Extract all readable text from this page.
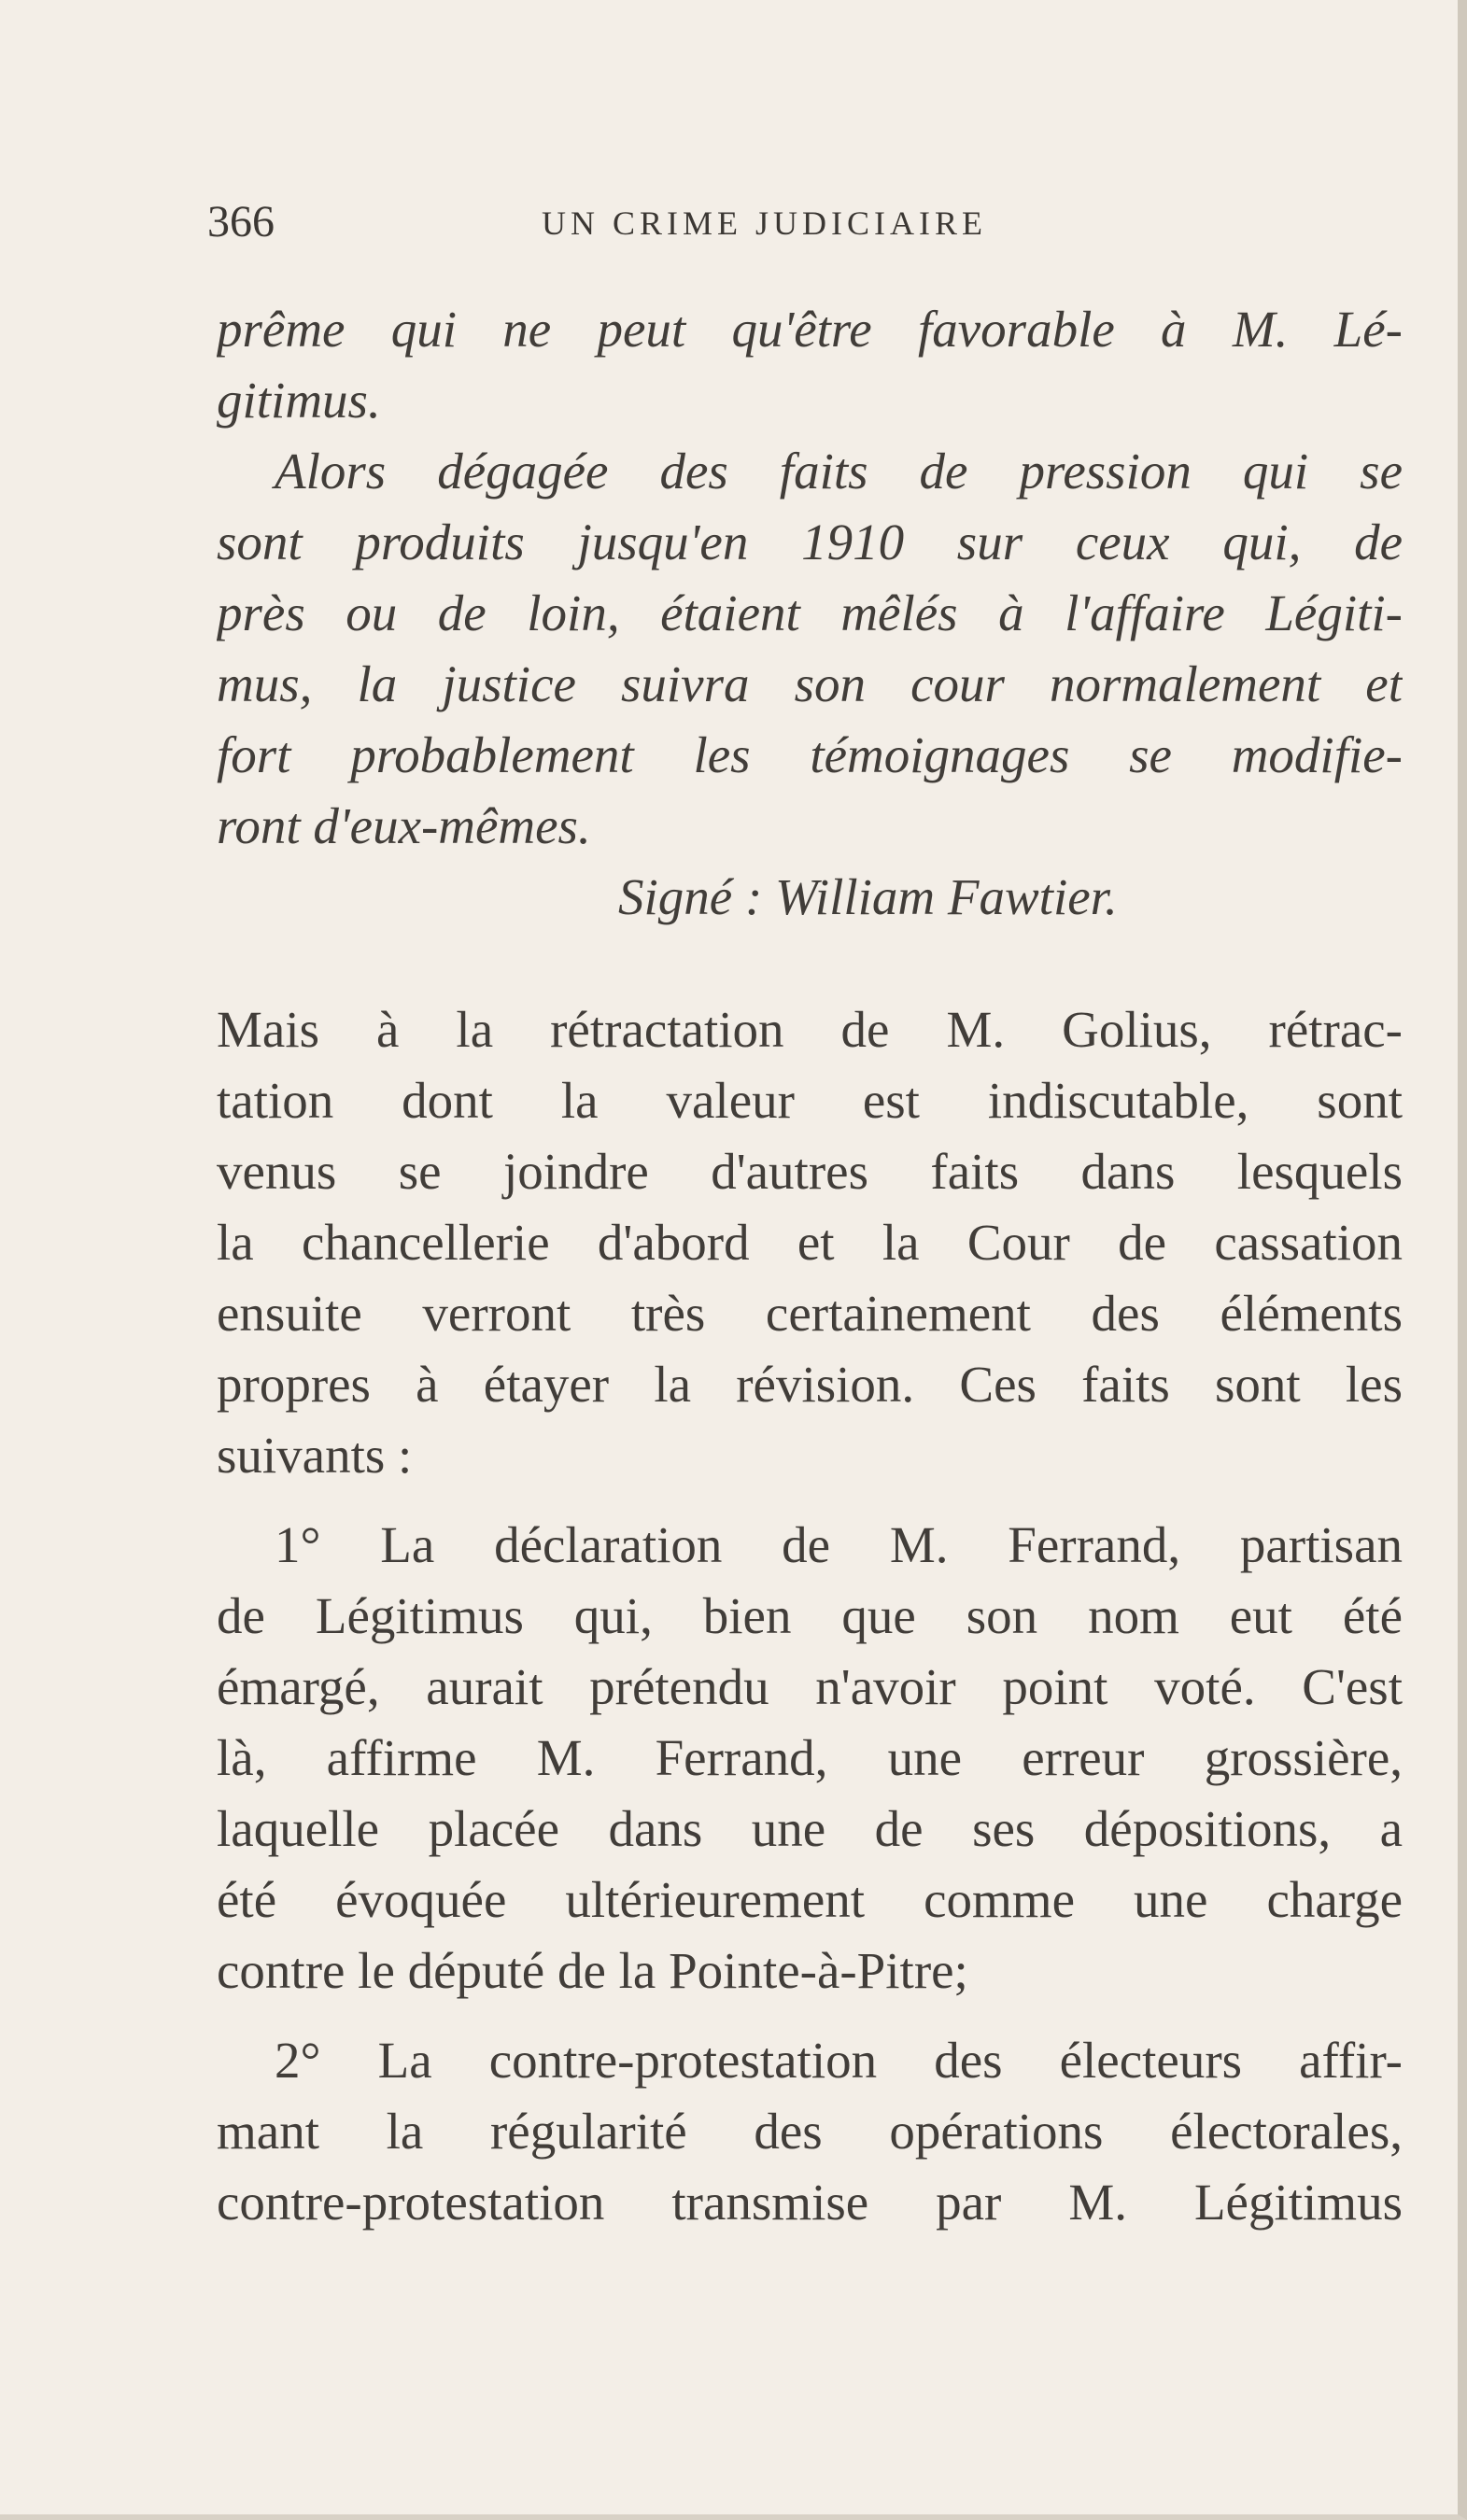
366	UN CRIME JUDICIAIRE
prême qui ne peut qu'être favorable à M. Lé-
gitimus.
Alors dégagée des faits de pression qui se
sont produits jusqu'en 1910 sur ceux qui, de
près ou de loin, étaient mêlés à l'affaire Légiti-
mus, la justice suivra son cour normalement et
fort probablement les témoignages se modifie-
ront d'eux-mêmes.
Signé : William Fawtier.
Mais à la rétractation de M. Golius, rétrac-
tation dont la valeur est indiscutable, sont
venus se joindre d'autres faits dans lesquels
la chancellerie d'abord et la Cour de cassation
ensuite verront très certainement des éléments
propres à étayer la révision. Ces faits sont les
suivants :
1° La déclaration de M. Ferrand, partisan
de Légitimus qui, bien que son nom eut été
émargé, aurait prétendu n'avoir point voté. C'est
là, affirme M. Ferrand, une erreur grossière,
laquelle placée dans une de ses dépositions, a
été évoquée ultérieurement comme une charge
contre le député de la Pointe-à-Pitre;
2° La contre-protestation des électeurs affir-
mant la régularité des opérations électorales,
contre-protestation transmise par M. Légitimus
